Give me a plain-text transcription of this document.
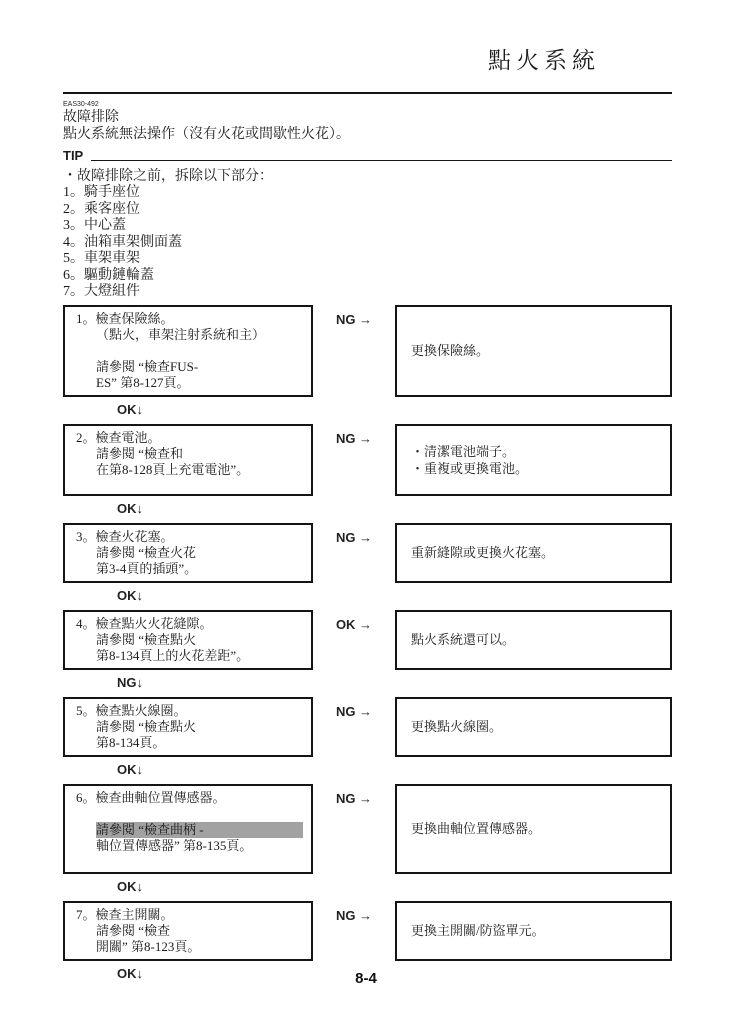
點火系統
EAS30-492
故障排除
點火系統無法操作（沒有火花或間歇性火花）。
TIP
・故障排除之前，拆除以下部分：
1。騎手座位
2。乘客座位
3。中心蓋
4。油箱車架側面蓋
5。車架車架
6。驅動鏈輪蓋
7。大燈組件
1。檢查保險絲。
（點火，車架注射系統和主）
請參閱 “檢查FUS-
ES” 第8-127頁。
NG →
更換保險絲。
OK↓
2。檢查電池。
請參閱 “檢查和
在第8-128頁上充電電池”。
NG →
・清潔電池端子。
・重複或更換電池。
OK↓
3。檢查火花塞。
請參閱 “檢查火花
第3-4頁的插頭”。
NG →
重新縫隙或更換火花塞。
OK↓
4。檢查點火火花縫隙。
請參閱 “檢查點火
第8-134頁上的火花差距”。
OK →
點火系統還可以。
NG↓
5。檢查點火線圈。
請參閱 “檢查點火
第8-134頁。
NG →
更換點火線圈。
OK↓
6。檢查曲軸位置傳感器。
請參閱 “檢查曲柄 -
軸位置傳感器” 第8-135頁。
NG →
更換曲軸位置傳感器。
OK↓
7。檢查主開關。
請參閱 “檢查
開關” 第8-123頁。
NG →
更換主開關/防盜單元。
OK↓	8-4
